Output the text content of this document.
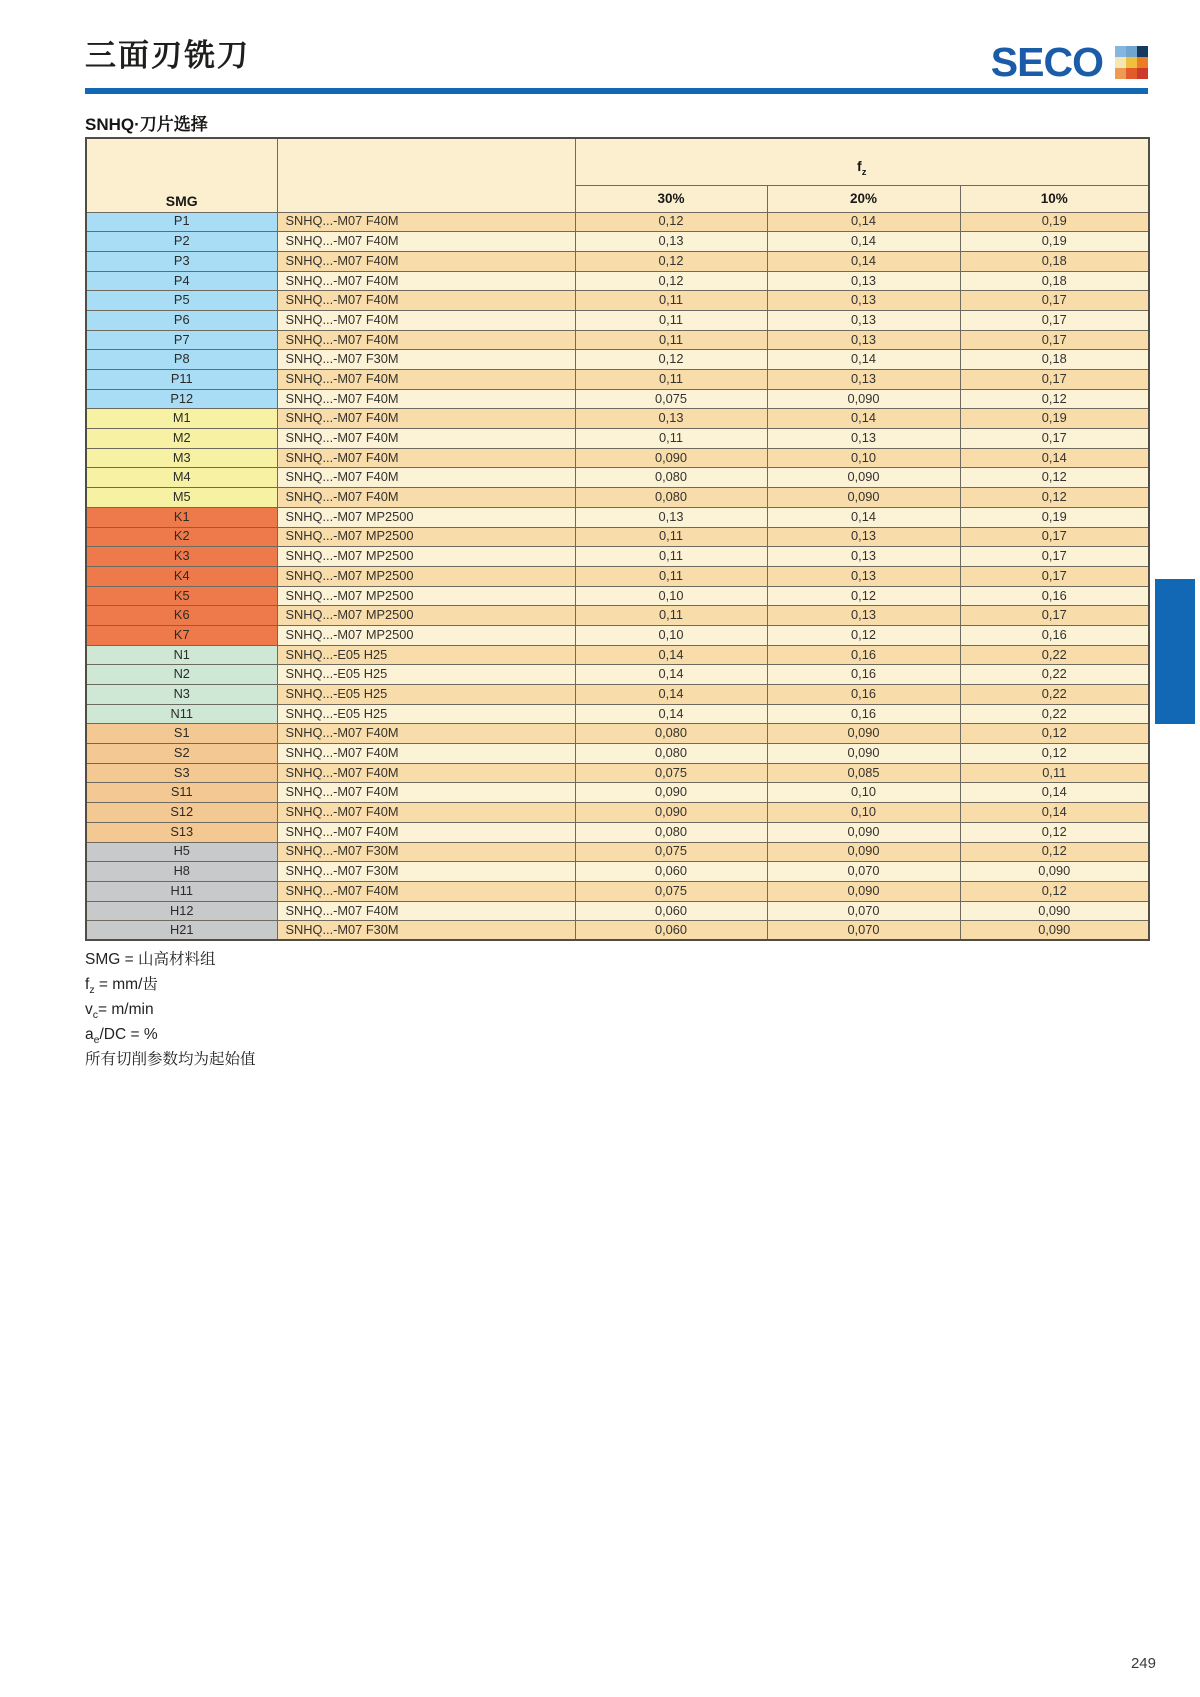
三面刃铣刀	SECO
SNHQ·刀片选择
SMG		$f_z$
		30%	20%	10%
P1	SNHQ...-M07 F40M	0,12	0,14	0,19
P2	SNHQ...-M07 F40M	0,13	0,14	0,19
P3	SNHQ...-M07 F40M	0,12	0,14	0,18
P4	SNHQ...-M07 F40M	0,12	0,13	0,18
P5	SNHQ...-M07 F40M	0,11	0,13	0,17
P6	SNHQ...-M07 F40M	0,11	0,13	0,17
P7	SNHQ...-M07 F40M	0,11	0,13	0,17
P8	SNHQ...-M07 F30M	0,12	0,14	0,18
P11	SNHQ...-M07 F40M	0,11	0,13	0,17
P12	SNHQ...-M07 F40M	0,075	0,090	0,12
M1	SNHQ...-M07 F40M	0,13	0,14	0,19
M2	SNHQ...-M07 F40M	0,11	0,13	0,17
M3	SNHQ...-M07 F40M	0,090	0,10	0,14
M4	SNHQ...-M07 F40M	0,080	0,090	0,12
M5	SNHQ...-M07 F40M	0,080	0,090	0,12
K1	SNHQ...-M07 MP2500	0,13	0,14	0,19
K2	SNHQ...-M07 MP2500	0,11	0,13	0,17
K3	SNHQ...-M07 MP2500	0,11	0,13	0,17
K4	SNHQ...-M07 MP2500	0,11	0,13	0,17
K5	SNHQ...-M07 MP2500	0,10	0,12	0,16
K6	SNHQ...-M07 MP2500	0,11	0,13	0,17
K7	SNHQ...-M07 MP2500	0,10	0,12	0,16
N1	SNHQ...-E05 H25	0,14	0,16	0,22
N2	SNHQ...-E05 H25	0,14	0,16	0,22
N3	SNHQ...-E05 H25	0,14	0,16	0,22
N11	SNHQ...-E05 H25	0,14	0,16	0,22
S1	SNHQ...-M07 F40M	0,080	0,090	0,12
S2	SNHQ...-M07 F40M	0,080	0,090	0,12
S3	SNHQ...-M07 F40M	0,075	0,085	0,11
S11	SNHQ...-M07 F40M	0,090	0,10	0,14
S12	SNHQ...-M07 F40M	0,090	0,10	0,14
S13	SNHQ...-M07 F40M	0,080	0,090	0,12
H5	SNHQ...-M07 F30M	0,075	0,090	0,12
H8	SNHQ...-M07 F30M	0,060	0,070	0,090
H11	SNHQ...-M07 F40M	0,075	0,090	0,12
H12	SNHQ...-M07 F40M	0,060	0,070	0,090
H21	SNHQ...-M07 F30M	0,060	0,070	0,090
SMG = 山高材料组
$f_z = mm/$齿
$v_c= m/\min$
$a_e/DC$ = %
所有切削参数均为起始值
249
